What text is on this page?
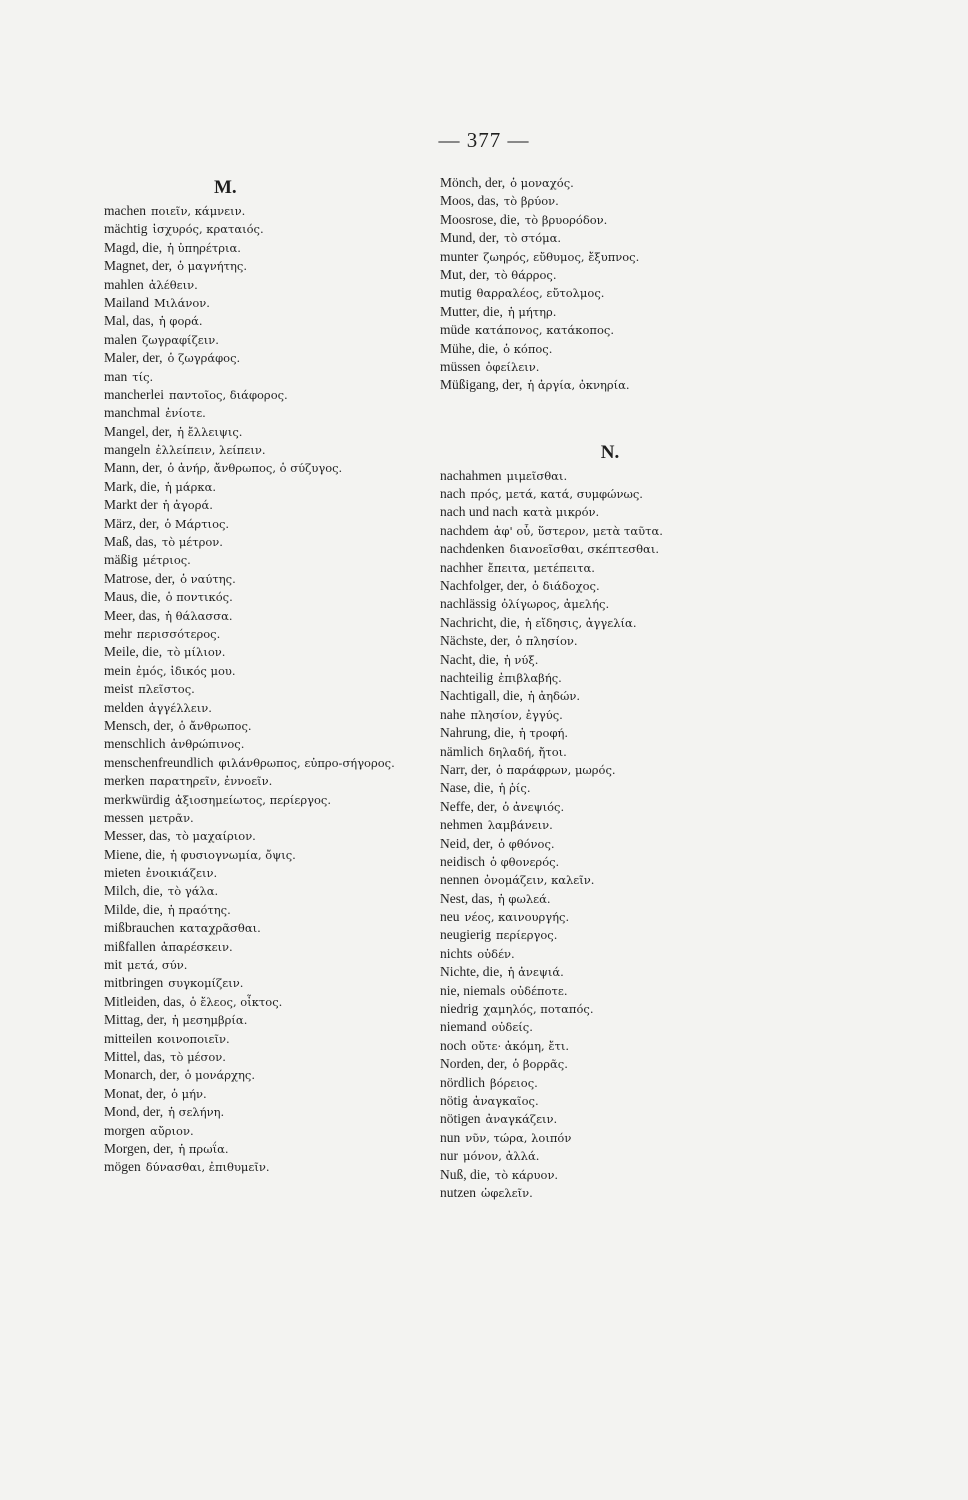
— 377 —
M.
machen ποιεῖν, κάμνειν.
mächtig ἰσχυρός, κραταιός.
Magd, die, ἡ ὑπηρέτρια.
Magnet, der, ὁ μαγνήτης.
mahlen ἀλέθειν.
Mailand Μιλάνον.
Mal, das, ἡ φορά.
malen ζωγραφίζειν.
Maler, der, ὁ ζωγράφος.
man τίς.
mancherlei παντοῖος, διάφορος.
manchmal ἐνίοτε.
Mangel, der, ἡ ἔλλειψις.
mangeln ἐλλείπειν, λείπειν.
Mann, der, ὁ ἀνήρ, ἄνθρωπος, ὁ σύζυγος.
Mark, die, ἡ μάρκα.
Markt der ἡ ἀγορά.
März, der, ὁ Μάρτιος.
Maß, das, τὸ μέτρον.
mäßig μέτριος.
Matrose, der, ὁ ναύτης.
Maus, die, ὁ ποντικός.
Meer, das, ἡ θάλασσα.
mehr περισσότερος.
Meile, die, τὸ μίλιον.
mein ἐμός, ἰδικός μου.
meist πλεῖστος.
melden ἀγγέλλειν.
Mensch, der, ὁ ἄνθρωπος.
menschlich ἀνθρώπινος.
menschenfreundlich φιλάνθρωπος, εὐπρο-σήγορος.
merken παρατηρεῖν, ἐννοεῖν.
merkwürdig ἀξιοσημείωτος, περίεργος.
messen μετρᾶν.
Messer, das, τὸ μαχαίριον.
Miene, die, ἡ φυσιογνωμία, ὄψις.
mieten ἐνοικιάζειν.
Milch, die, τὸ γάλα.
Milde, die, ἡ πραότης.
mißbrauchen καταχρᾶσθαι.
mißfallen ἀπαρέσκειν.
mit μετά, σύν.
mitbringen συγκομίζειν.
Mitleiden, das, ὁ ἔλεος, οἶκτος.
Mittag, der, ἡ μεσημβρία.
mitteilen κοινοποιεῖν.
Mittel, das, τὸ μέσον.
Monarch, der, ὁ μονάρχης.
Monat, der, ὁ μήν.
Mond, der, ἡ σελήνη.
morgen αὔριον.
Morgen, der, ἡ πρωΐα.
mögen δύνασθαι, ἐπιθυμεῖν.
Mönch, der, ὁ μοναχός.
Moos, das, τὸ βρύον.
Moosrose, die, τὸ βρυορόδον.
Mund, der, τὸ στόμα.
munter ζωηρός, εὔθυμος, ἔξυπνος.
Mut, der, τὸ θάρρος.
mutig θαρραλέος, εὔτολμος.
Mutter, die, ἡ μήτηρ.
müde κατάπονος, κατάκοπος.
Mühe, die, ὁ κόπος.
müssen ὀφείλειν.
Müßigang, der, ἡ ἀργία, ὀκνηρία.
N.
nachahmen μιμεῖσθαι.
nach πρός, μετά, κατά, συμφώνως.
nach und nach κατὰ μικρόν.
nachdem ἀφ' οὗ, ὕστερον, μετὰ ταῦτα.
nachdenken διανοεῖσθαι, σκέπτεσθαι.
nachher ἔπειτα, μετέπειτα.
Nachfolger, der, ὁ διάδοχος.
nachlässig ὀλίγωρος, ἀμελής.
Nachricht, die, ἡ εἴδησις, ἀγγελία.
Nächste, der, ὁ πλησίον.
Nacht, die, ἡ νύξ.
nachteilig ἐπιβλαβής.
Nachtigall, die, ἡ ἀηδών.
nahe πλησίον, ἐγγύς.
Nahrung, die, ἡ τροφή.
nämlich δηλαδή, ἤτοι.
Narr, der, ὁ παράφρων, μωρός.
Nase, die, ἡ ῥίς.
Neffe, der, ὁ ἀνεψιός.
nehmen λαμβάνειν.
Neid, der, ὁ φθόνος.
neidisch ὁ φθονερός.
nennen ὀνομάζειν, καλεῖν.
Nest, das, ἡ φωλεά.
neu νέος, καινουργής.
neugierig περίεργος.
nichts οὐδέν.
Nichte, die, ἡ ἀνεψιά.
nie, niemals οὐδέποτε.
niedrig χαμηλός, ποταπός.
niemand οὐδείς.
noch οὔτε· ἀκόμη, ἔτι.
Norden, der, ὁ βορρᾶς.
nördlich βόρειος.
nötig ἀναγκαῖος.
nötigen ἀναγκάζειν.
nun νῦν, τώρα, λοιπόν
nur μόνον, ἀλλά.
Nuß, die, τὸ κάρυον.
nutzen ὠφελεῖν.
